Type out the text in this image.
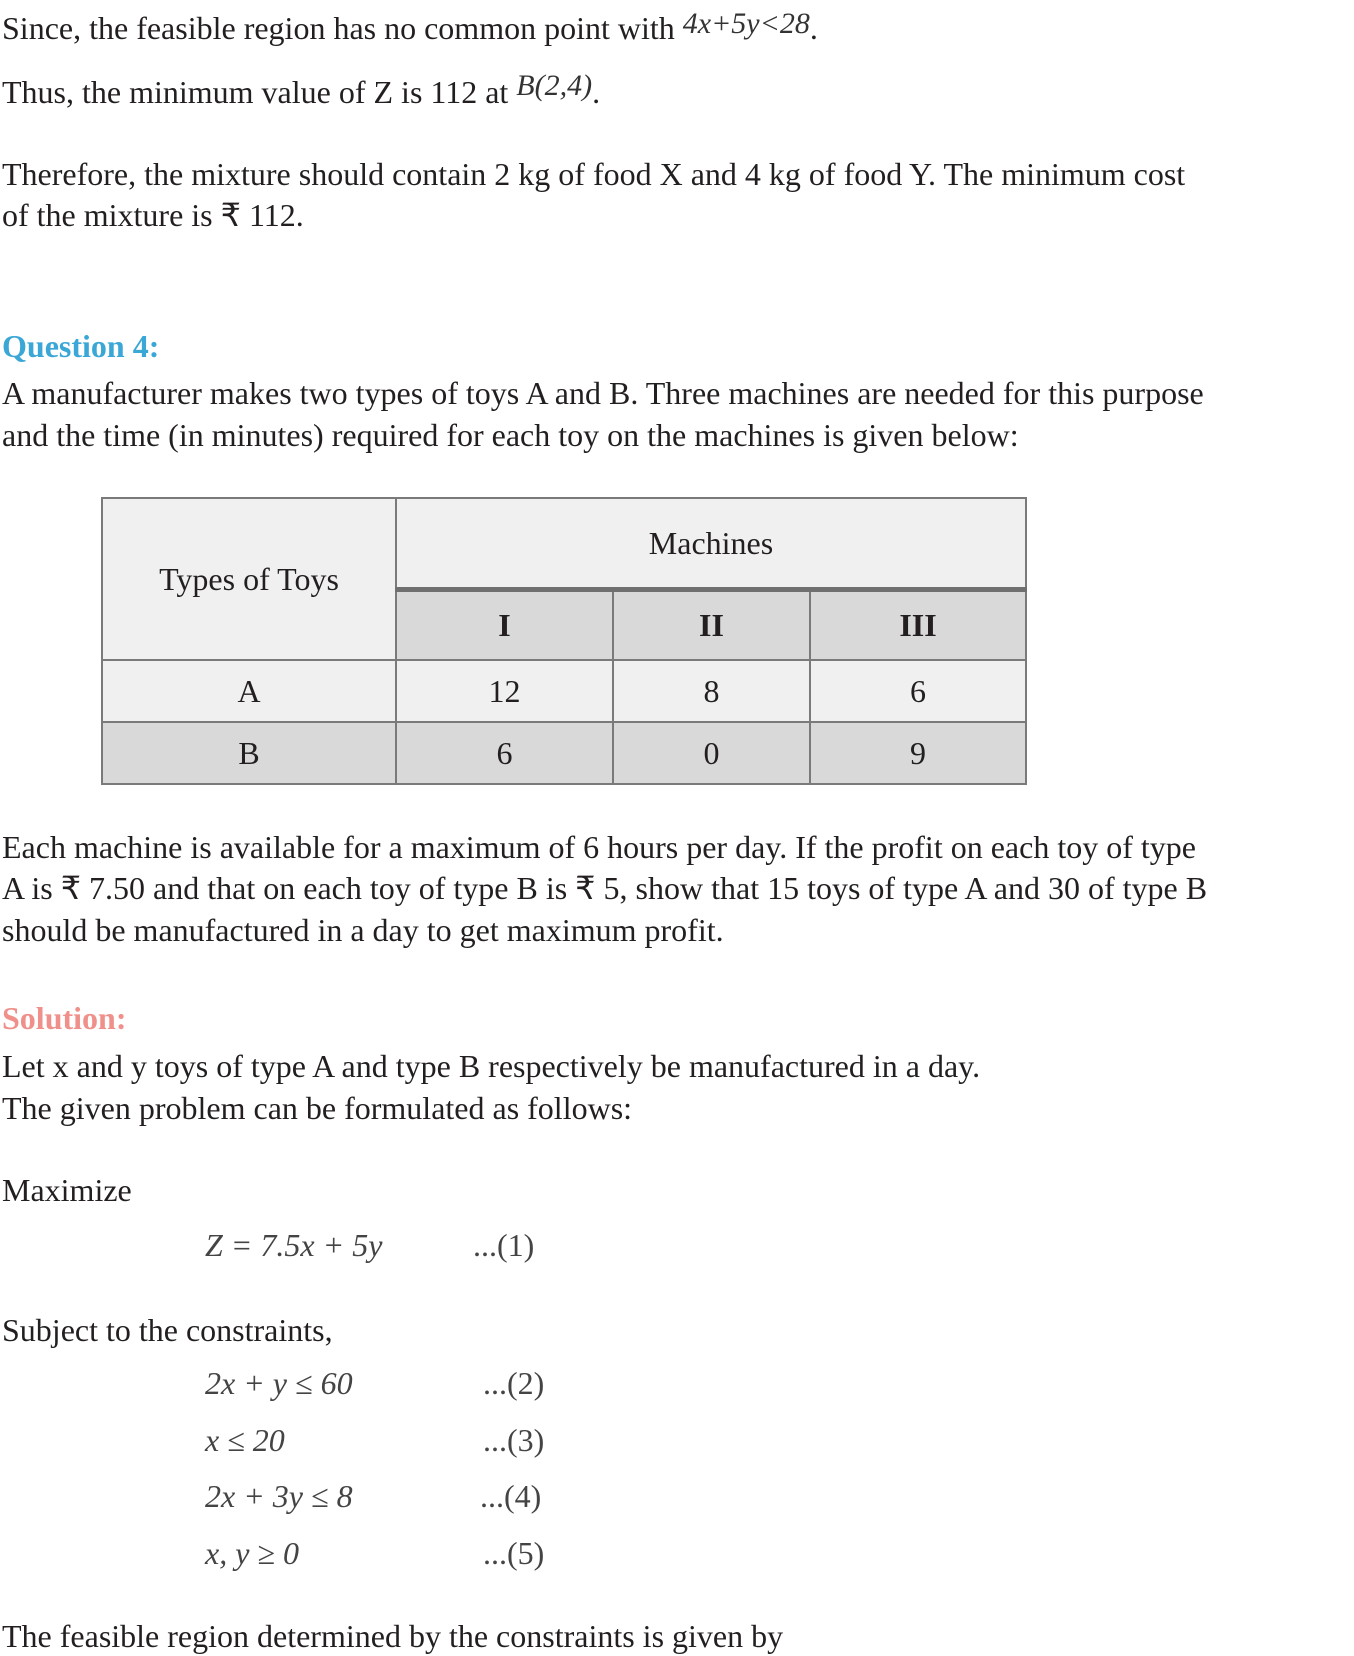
Since, the feasible region has no common point with 4x+5y<28.
Thus, the minimum value of Z is 112 at B(2,4).
Therefore, the mixture should contain 2 kg of food X and 4 kg of food Y. The minimum cost
of the mixture is ₹ 112.
Question 4:
A manufacturer makes two types of toys A and B. Three machines are needed for this purpose
and the time (in minutes) required for each toy on the machines is given below:
Types of Toys	Machines		
	I	II	III
A	12	8	6
B	6	0	9
Each machine is available for a maximum of 6 hours per day. If the profit on each toy of type
A is ₹ 7.50 and that on each toy of type B is ₹ 5, show that 15 toys of type A and 30 of type B
should be manufactured in a day to get maximum profit.
Solution:
Let x and y toys of type A and type B respectively be manufactured in a day.
The given problem can be formulated as follows:
Maximize
Z = 7.5x + 5y	...(1)
Subject to the constraints,
2x + y ≤ 60	...(2)
x ≤ 20	...(3)
2x + 3y ≤ 8	...(4)
x, y ≥ 0	...(5)
The feasible region determined by the constraints is given by
